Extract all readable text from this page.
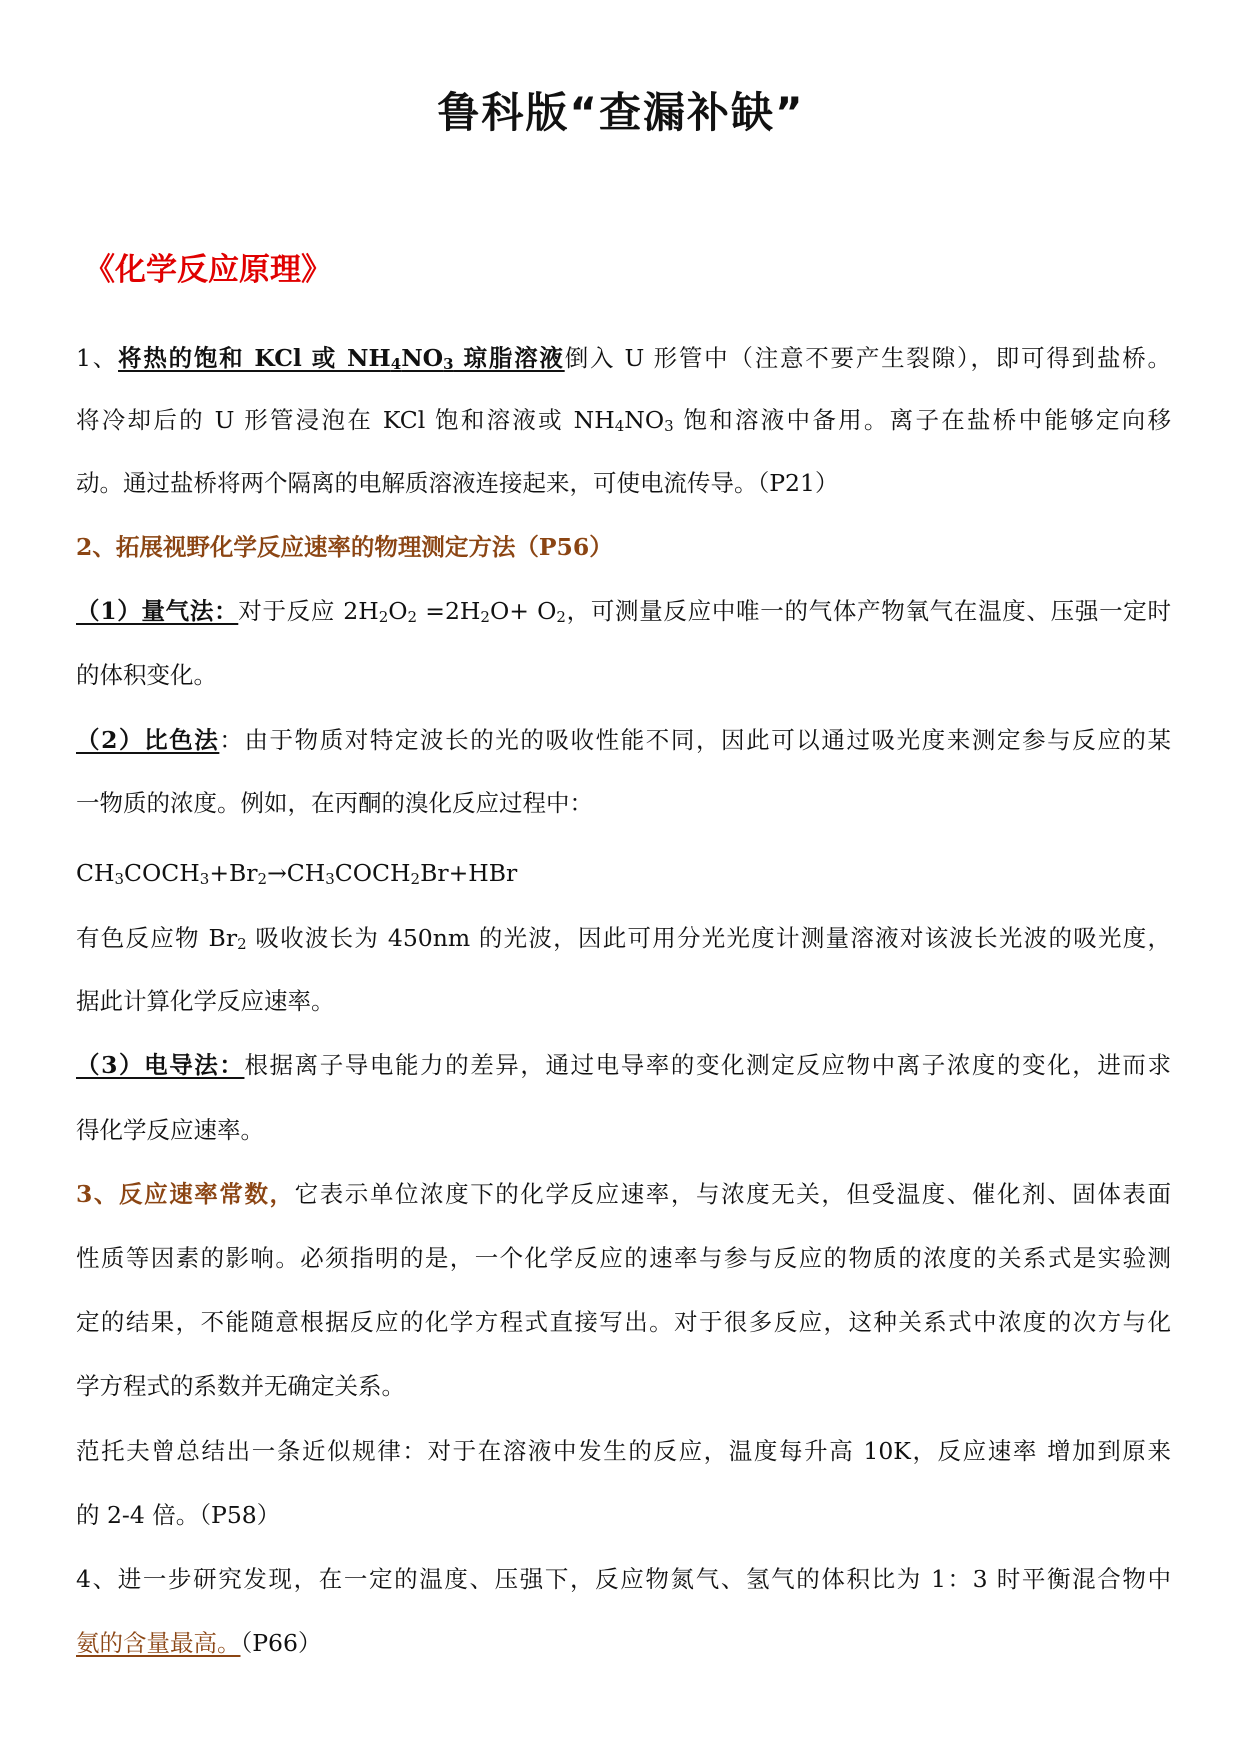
鲁科版“查漏补缺”
《化学反应原理》

1、将热的饱和 KCl 或 $NH_4NO_3$ 琼脂溶液倒入 U 形管中（注意不要产生裂隙），即可得到盐桥。

将冷却后的 U 形管浸泡在 KCl 饱和溶液或 $NH_4NO_3$ 饱和溶液中备用。离子在盐桥中能够定向移

动。通过盐桥将两个隔离的电解质溶液连接起来，可使电流传导。（P21）

2、拓展视野化学反应速率的物理测定方法（P56）

（1）量气法：对于反应 $2H_2O_2 =2H_2O+ O_2$，可测量反应中唯一的气体产物氧气在温度、压强一定时

的体积变化。

（2）比色法：由于物质对特定波长的光的吸收性能不同，因此可以通过吸光度来测定参与反应的某

一物质的浓度。例如，在丙酮的溴化反应过程中：

$CH_3COCH_3+Br_2\to CH_3COCH_2Br+HBr$

有色反应物 $Br_2$ 吸收波长为 450nm 的光波，因此可用分光光度计测量溶液对该波长光波的吸光度，

据此计算化学反应速率。

（3）电导法：根据离子导电能力的差异，通过电导率的变化测定反应物中离子浓度的变化，进而求

得化学反应速率。

3、反应速率常数，它表示单位浓度下的化学反应速率，与浓度无关，但受温度、催化剂、固体表面

性质等因素的影响。必须指明的是，一个化学反应的速率与参与反应的物质的浓度的关系式是实验测

定的结果，不能随意根据反应的化学方程式直接写出。对于很多反应，这种关系式中浓度的次方与化

学方程式的系数并无确定关系。

范托夫曾总结出一条近似规律：对于在溶液中发生的反应，温度每升高 10K，反应速率 增加到原来

的 2-4 倍。（P58）

4、进一步研究发现，在一定的温度、压强下，反应物氮气、氢气的体积比为 1：3 时平衡混合物中

氨的含量最高。（P66）
